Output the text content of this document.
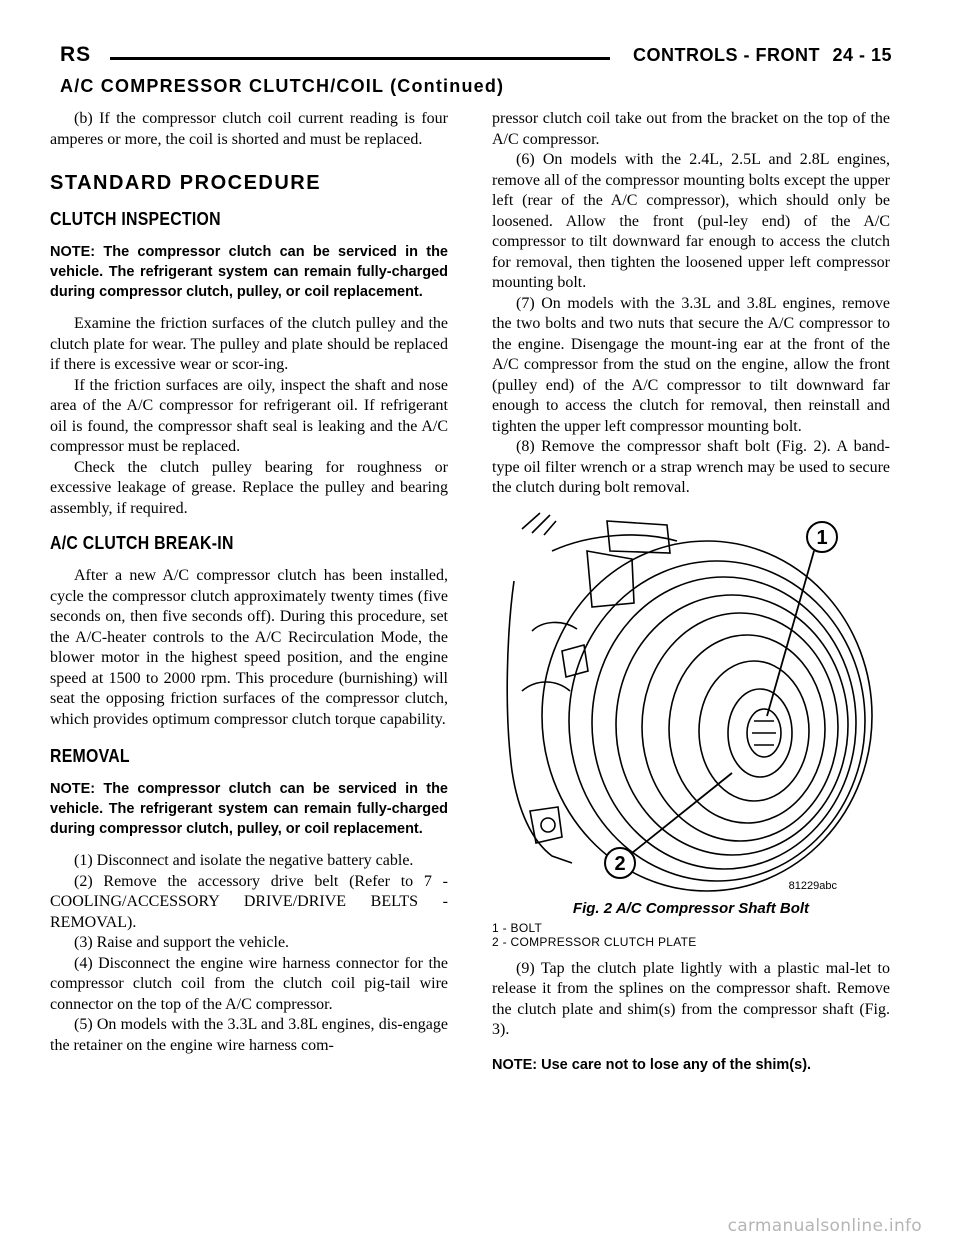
RS	CONTROLS - FRONT 24 - 15
A/C COMPRESSOR CLUTCH/COIL (Continued)

(b) If the compressor clutch coil current reading is four amperes or more, the coil is shorted and must be replaced.

STANDARD PROCEDURE
CLUTCH INSPECTION
NOTE: The compressor clutch can be serviced in the vehicle. The refrigerant system can remain fully-charged during compressor clutch, pulley, or coil replacement.

Examine the friction surfaces of the clutch pulley and the clutch plate for wear. The pulley and plate should be replaced if there is excessive wear or scor-ing.

If the friction surfaces are oily, inspect the shaft and nose area of the A/C compressor for refrigerant oil. If refrigerant oil is found, the compressor shaft seal is leaking and the A/C compressor must be replaced.

Check the clutch pulley bearing for roughness or excessive leakage of grease. Replace the pulley and bearing assembly, if required.

A/C CLUTCH BREAK-IN

After a new A/C compressor clutch has been installed, cycle the compressor clutch approximately twenty times (five seconds on, then five seconds off). During this procedure, set the A/C-heater controls to the A/C Recirculation Mode, the blower motor in the highest speed position, and the engine speed at 1500 to 2000 rpm. This procedure (burnishing) will seat the opposing friction surfaces of the compressor clutch, which provides optimum compressor clutch torque capability.

REMOVAL
NOTE: The compressor clutch can be serviced in the vehicle. The refrigerant system can remain fully-charged during compressor clutch, pulley, or coil replacement.

(1) Disconnect and isolate the negative battery cable.

(2) Remove the accessory drive belt (Refer to 7 - COOLING/ACCESSORY DRIVE/DRIVE BELTS - REMOVAL).

(3) Raise and support the vehicle.

(4) Disconnect the engine wire harness connector for the compressor clutch coil from the clutch coil pig-tail wire connector on the top of the A/C compressor.

(5) On models with the 3.3L and 3.8L engines, dis-engage the retainer on the engine wire harness com-

pressor clutch coil take out from the bracket on the top of the A/C compressor.

(6) On models with the 2.4L, 2.5L and 2.8L engines, remove all of the compressor mounting bolts except the upper left (rear of the A/C compressor), which should only be loosened. Allow the front (pul-ley end) of the A/C compressor to tilt downward far enough to access the clutch for removal, then tighten the loosened upper left compressor mounting bolt.

(7) On models with the 3.3L and 3.8L engines, remove the two bolts and two nuts that secure the A/C compressor to the engine. Disengage the mount-ing ear at the front of the A/C compressor from the stud on the engine, allow the front (pulley end) of the A/C compressor to tilt downward far enough to access the clutch for removal, then reinstall and tighten the upper left compressor mounting bolt.

(8) Remove the compressor shaft bolt (Fig. 2). A band-type oil filter wrench or a strap wrench may be used to secure the clutch during bolt removal.

1
2
81229abc
Fig. 2 A/C Compressor Shaft Bolt
1 - BOLT
2 - COMPRESSOR CLUTCH PLATE

(9) Tap the clutch plate lightly with a plastic mal-let to release it from the splines on the compressor shaft. Remove the clutch plate and shim(s) from the compressor shaft (Fig. 3).

NOTE: Use care not to lose any of the shim(s).
carmanualsonline.info
